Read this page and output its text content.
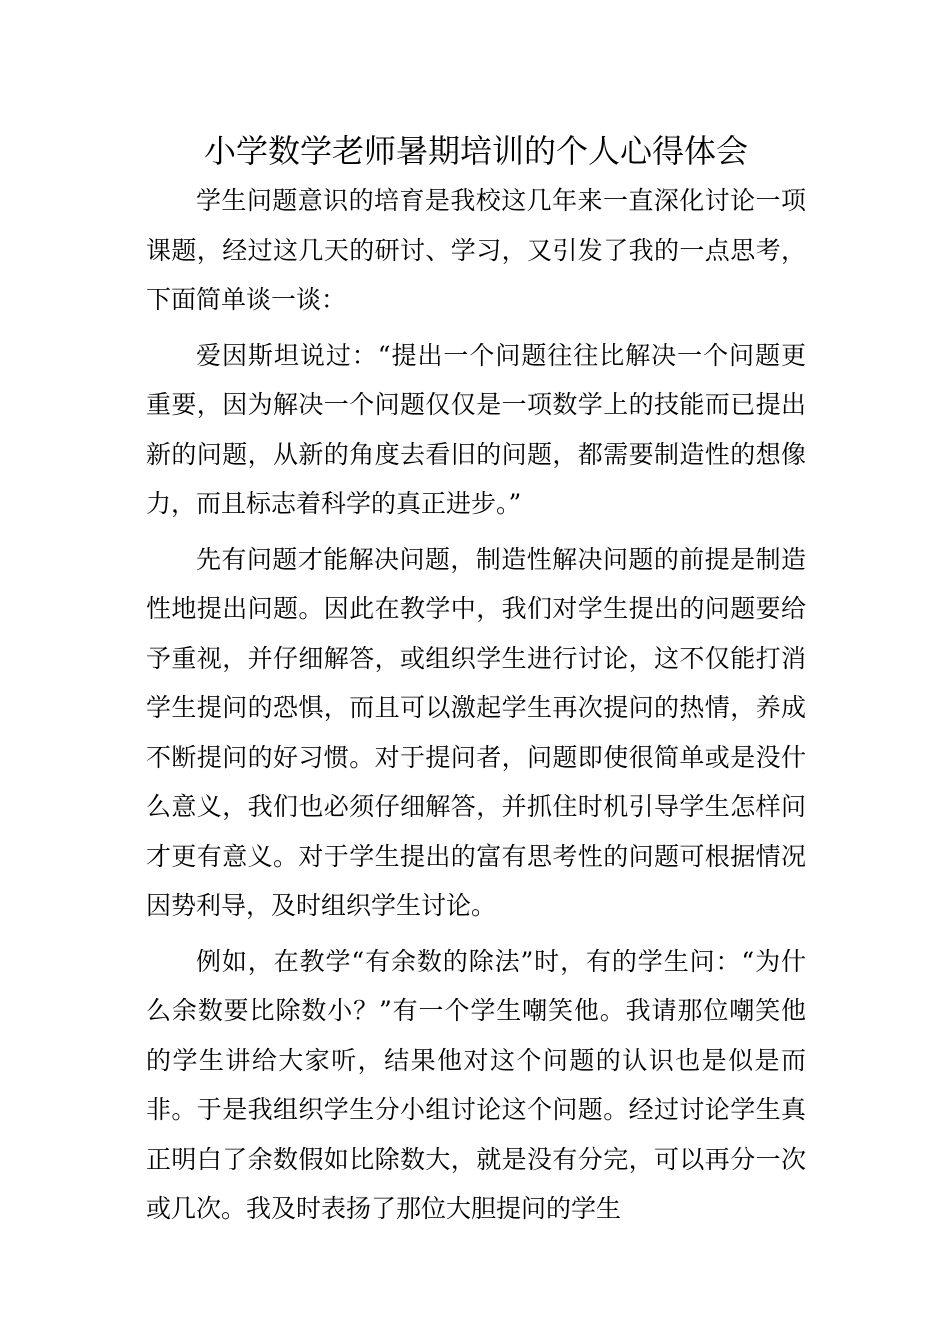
小学数学老师暑期培训的个人心得体会

学生问题意识的培育是我校这几年来一直深化讨论一项课题，经过这几天的研讨、学习，又引发了我的一点思考，下面简单谈一谈：

爱因斯坦说过：“提出一个问题往往比解决一个问题更重要，因为解决一个问题仅仅是一项数学上的技能而已提出新的问题，从新的角度去看旧的问题，都需要制造性的想像力，而且标志着科学的真正进步。”

先有问题才能解决问题，制造性解决问题的前提是制造性地提出问题。因此在教学中，我们对学生提出的问题要给予重视，并仔细解答，或组织学生进行讨论，这不仅能打消学生提问的恐惧，而且可以激起学生再次提问的热情，养成不断提问的好习惯。对于提问者，问题即使很简单或是没什么意义，我们也必须仔细解答，并抓住时机引导学生怎样问才更有意义。对于学生提出的富有思考性的问题可根据情况因势利导，及时组织学生讨论。

例如，在教学“有余数的除法”时，有的学生问：“为什么余数要比除数小？”有一个学生嘲笑他。我请那位嘲笑他的学生讲给大家听，结果他对这个问题的认识也是似是而非。于是我组织学生分小组讨论这个问题。经过讨论学生真正明白了余数假如比除数大，就是没有分完，可以再分一次或几次。我及时表扬了那位大胆提问的学生
